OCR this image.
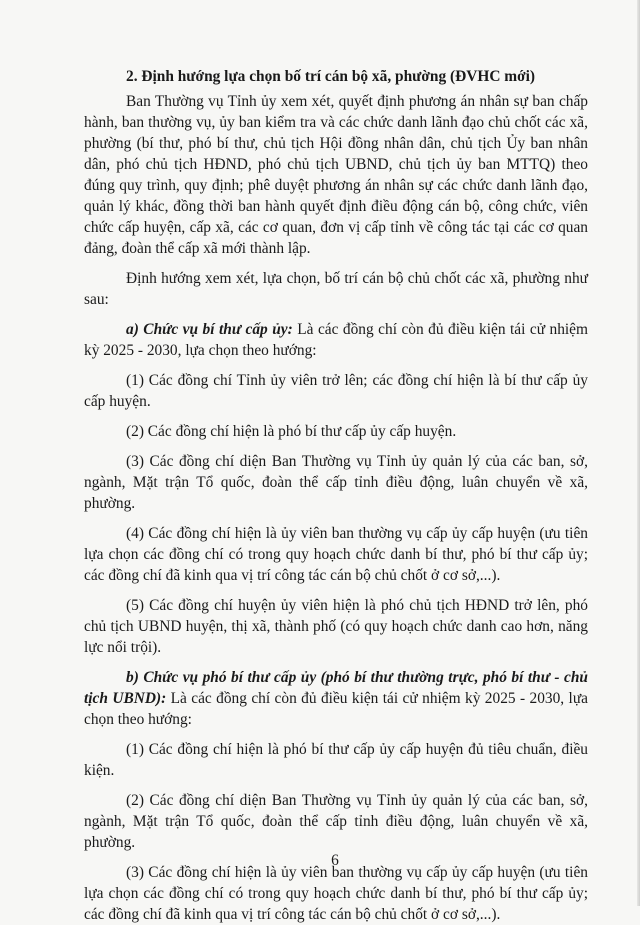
2. Định hướng lựa chọn bố trí cán bộ xã, phường (ĐVHC mới)

Ban Thường vụ Tỉnh ủy xem xét, quyết định phương án nhân sự ban chấp hành, ban thường vụ, ủy ban kiểm tra và các chức danh lãnh đạo chủ chốt các xã, phường (bí thư, phó bí thư, chủ tịch Hội đồng nhân dân, chủ tịch Ủy ban nhân dân, phó chủ tịch HĐND, phó chủ tịch UBND, chủ tịch ủy ban MTTQ) theo đúng quy trình, quy định; phê duyệt phương án nhân sự các chức danh lãnh đạo, quản lý khác, đồng thời ban hành quyết định điều động cán bộ, công chức, viên chức cấp huyện, cấp xã, các cơ quan, đơn vị cấp tỉnh về công tác tại các cơ quan đảng, đoàn thể cấp xã mới thành lập.

Định hướng xem xét, lựa chọn, bố trí cán bộ chủ chốt các xã, phường như sau:

a) Chức vụ bí thư cấp ủy: Là các đồng chí còn đủ điều kiện tái cử nhiệm kỳ 2025 - 2030, lựa chọn theo hướng:

(1) Các đồng chí Tỉnh ủy viên trở lên; các đồng chí hiện là bí thư cấp ủy cấp huyện.

(2) Các đồng chí hiện là phó bí thư cấp ủy cấp huyện.

(3) Các đồng chí diện Ban Thường vụ Tỉnh ủy quản lý của các ban, sở, ngành, Mặt trận Tổ quốc, đoàn thể cấp tỉnh điều động, luân chuyển về xã, phường.

(4) Các đồng chí hiện là ủy viên ban thường vụ cấp ủy cấp huyện (ưu tiên lựa chọn các đồng chí có trong quy hoạch chức danh bí thư, phó bí thư cấp ủy; các đồng chí đã kinh qua vị trí công tác cán bộ chủ chốt ở cơ sở,...).

(5) Các đồng chí huyện ủy viên hiện là phó chủ tịch HĐND trở lên, phó chủ tịch UBND huyện, thị xã, thành phố (có quy hoạch chức danh cao hơn, năng lực nổi trội).

b) Chức vụ phó bí thư cấp ủy (phó bí thư thường trực, phó bí thư - chủ tịch UBND): Là các đồng chí còn đủ điều kiện tái cử nhiệm kỳ 2025 - 2030, lựa chọn theo hướng:

(1) Các đồng chí hiện là phó bí thư cấp ủy cấp huyện đủ tiêu chuẩn, điều kiện.

(2) Các đồng chí diện Ban Thường vụ Tỉnh ủy quản lý của các ban, sở, ngành, Mặt trận Tổ quốc, đoàn thể cấp tỉnh điều động, luân chuyển về xã, phường.

(3) Các đồng chí hiện là ủy viên ban thường vụ cấp ủy cấp huyện (ưu tiên lựa chọn các đồng chí có trong quy hoạch chức danh bí thư, phó bí thư cấp ủy; các đồng chí đã kinh qua vị trí công tác cán bộ chủ chốt ở cơ sở,...).

6
